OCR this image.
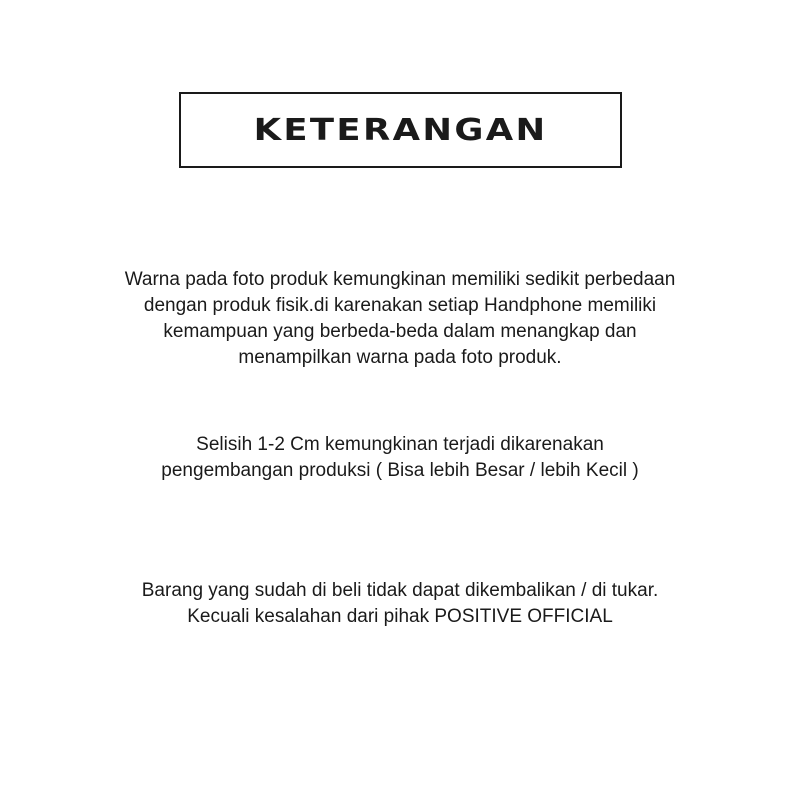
KETERANGAN
Warna pada foto produk kemungkinan memiliki sedikit perbedaan
dengan produk fisik.di karenakan setiap Handphone memiliki
kemampuan yang berbeda-beda dalam menangkap dan
menampilkan warna pada foto produk.
Selisih 1-2 Cm kemungkinan terjadi dikarenakan
pengembangan produksi ( Bisa lebih Besar / lebih Kecil )
Barang yang sudah di beli tidak dapat dikembalikan / di tukar.
Kecuali kesalahan dari pihak POSITIVE OFFICIAL
